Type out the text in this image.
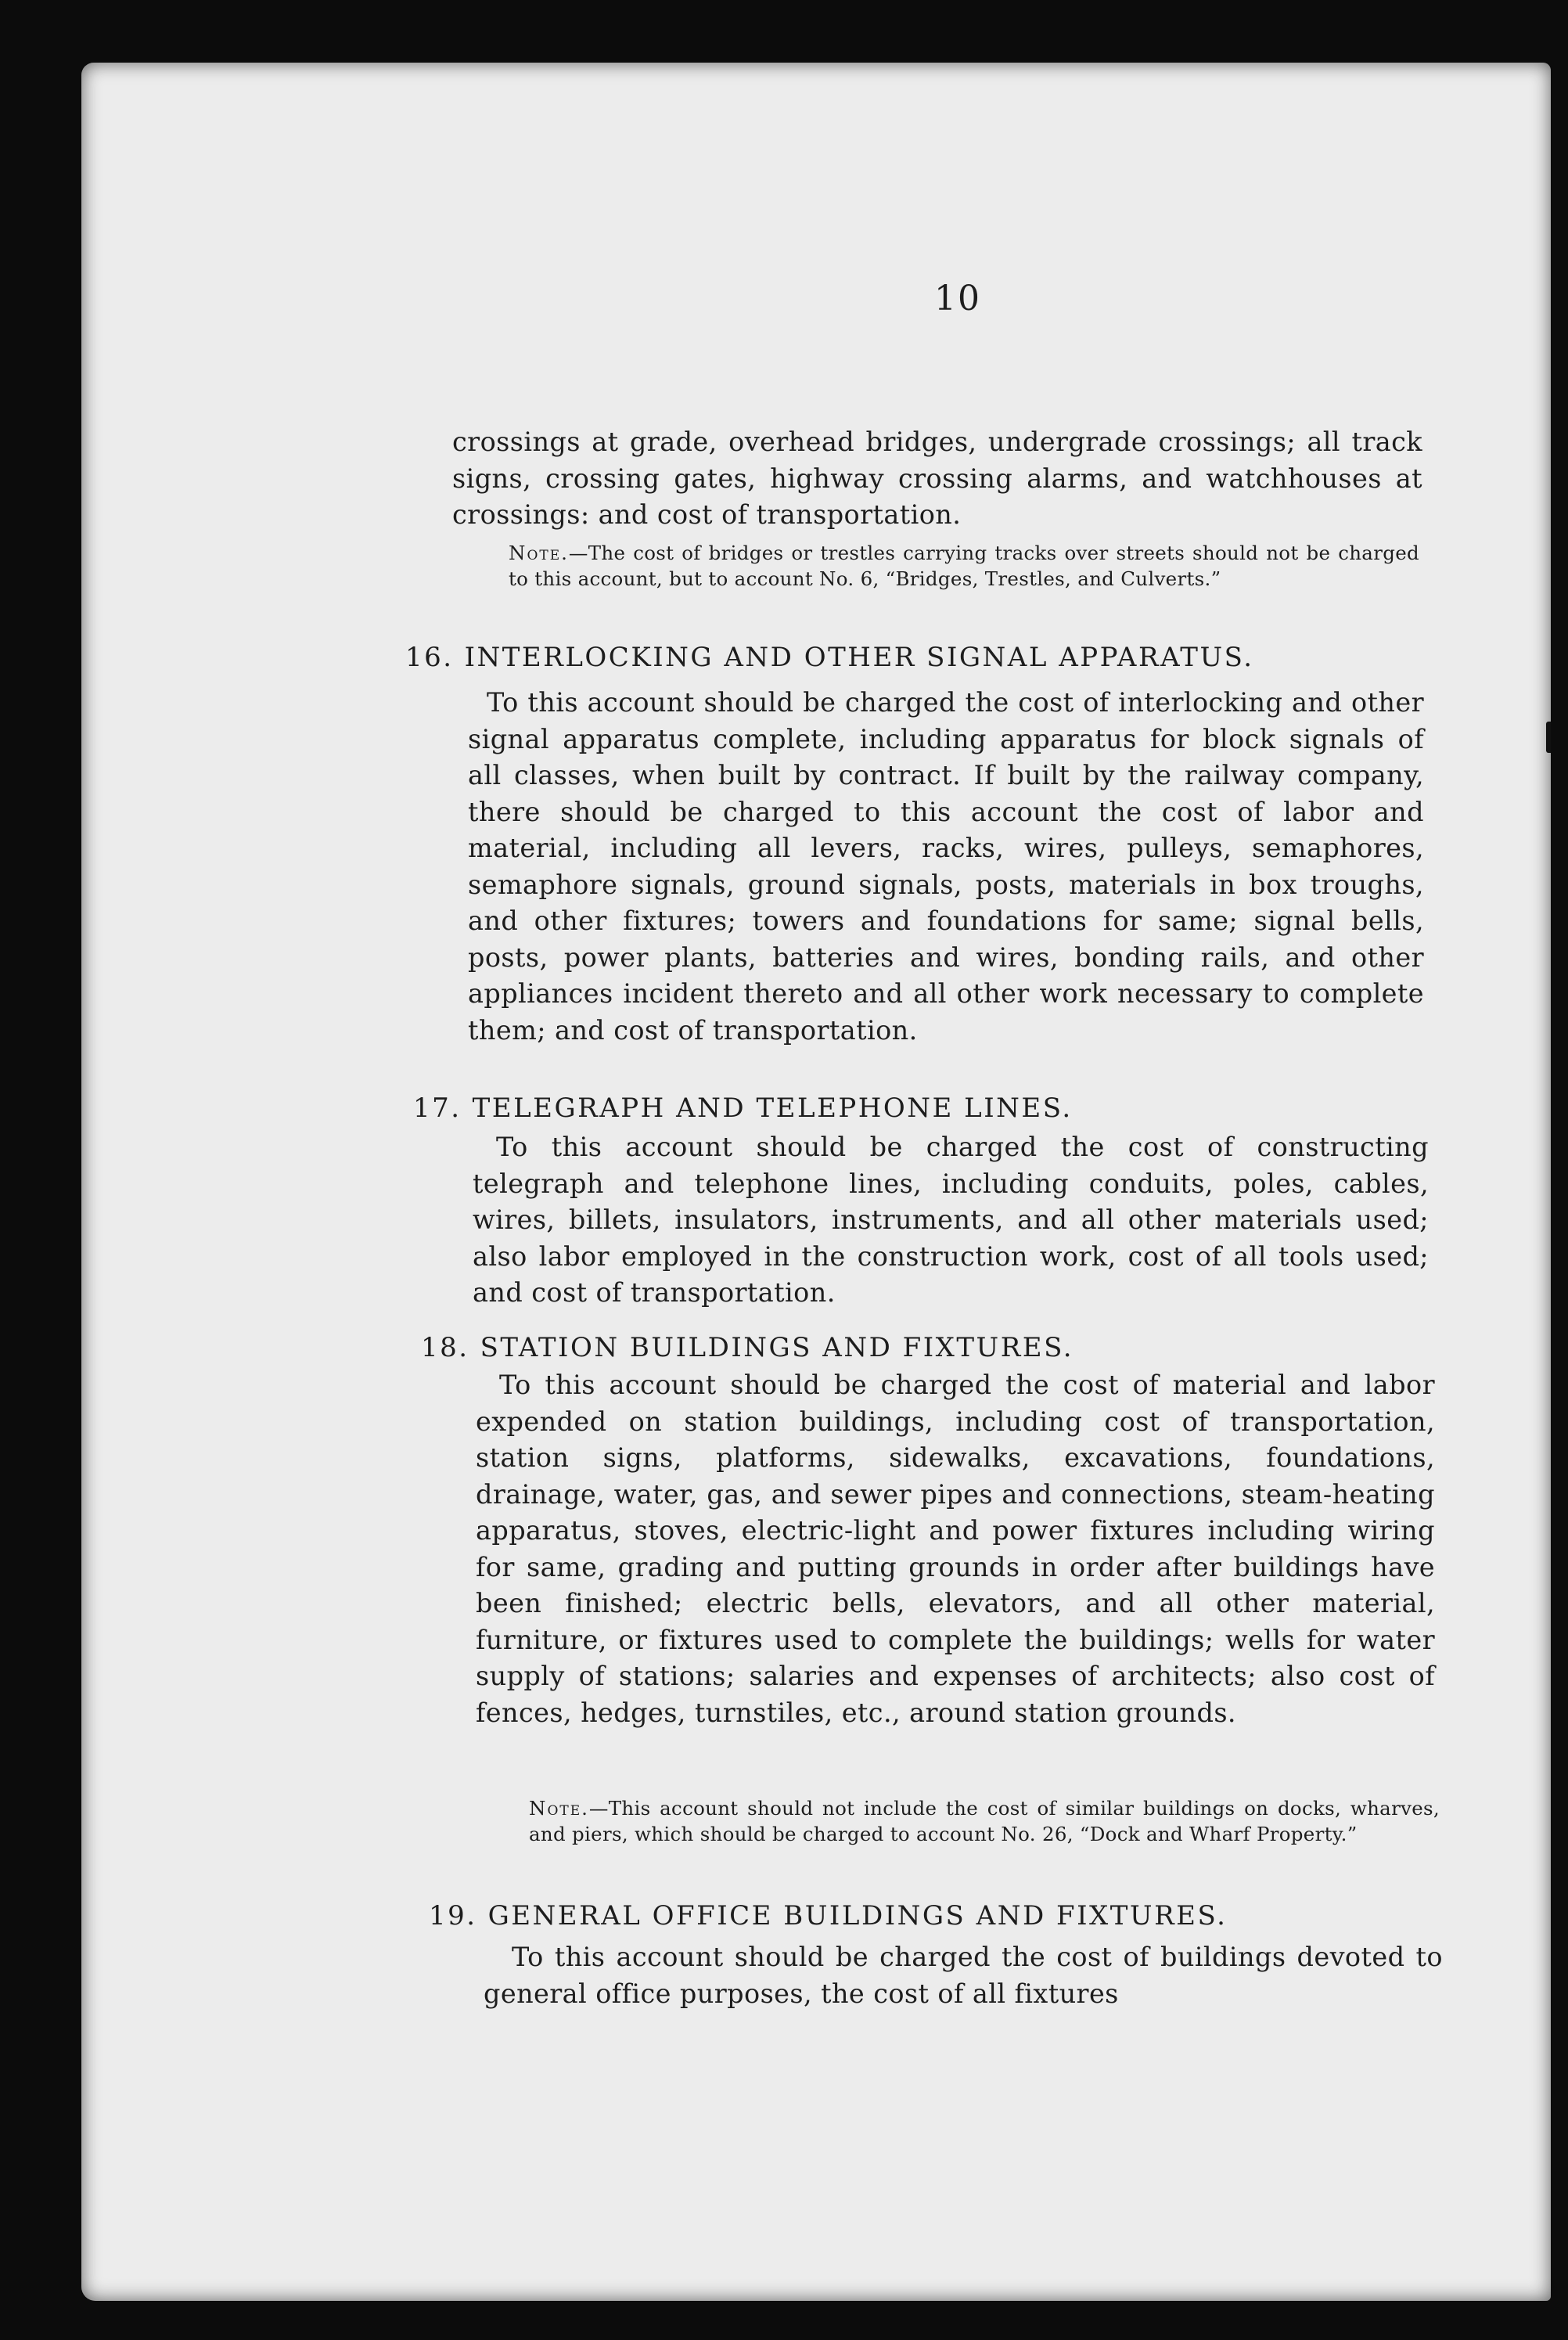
10
crossings at grade, overhead bridges, undergrade crossings; all track signs, crossing gates, highway crossing alarms, and watchhouses at crossings: and cost of transportation.
Note.—The cost of bridges or trestles carrying tracks over streets should not be charged to this account, but to account No. 6, “Bridges, Trestles, and Culverts.”
16. INTERLOCKING AND OTHER SIGNAL APPARATUS.
To this account should be charged the cost of interlocking and other signal apparatus complete, including apparatus for block signals of all classes, when built by contract. If built by the railway company, there should be charged to this account the cost of labor and material, including all levers, racks, wires, pulleys, semaphores, semaphore signals, ground signals, posts, materials in box troughs, and other fixtures; towers and foundations for same; signal bells, posts, power plants, batteries and wires, bonding rails, and other appliances incident thereto and all other work necessary to complete them; and cost of transportation.
17. TELEGRAPH AND TELEPHONE LINES.
To this account should be charged the cost of constructing telegraph and telephone lines, including conduits, poles, cables, wires, billets, insulators, instruments, and all other materials used; also labor employed in the construction work, cost of all tools used; and cost of transportation.
18. STATION BUILDINGS AND FIXTURES.
To this account should be charged the cost of material and labor expended on station buildings, including cost of transportation, station signs, platforms, sidewalks, excavations, foundations, drainage, water, gas, and sewer pipes and connections, steam-heating apparatus, stoves, electric-light and power fixtures including wiring for same, grading and putting grounds in order after buildings have been finished; electric bells, elevators, and all other material, furniture, or fixtures used to complete the buildings; wells for water supply of stations; salaries and expenses of architects; also cost of fences, hedges, turnstiles, etc., around station grounds.
Note.—This account should not include the cost of similar buildings on docks, wharves, and piers, which should be charged to account No. 26, “Dock and Wharf Property.”
19. GENERAL OFFICE BUILDINGS AND FIXTURES.
To this account should be charged the cost of buildings devoted to general office purposes, the cost of all fixtures
